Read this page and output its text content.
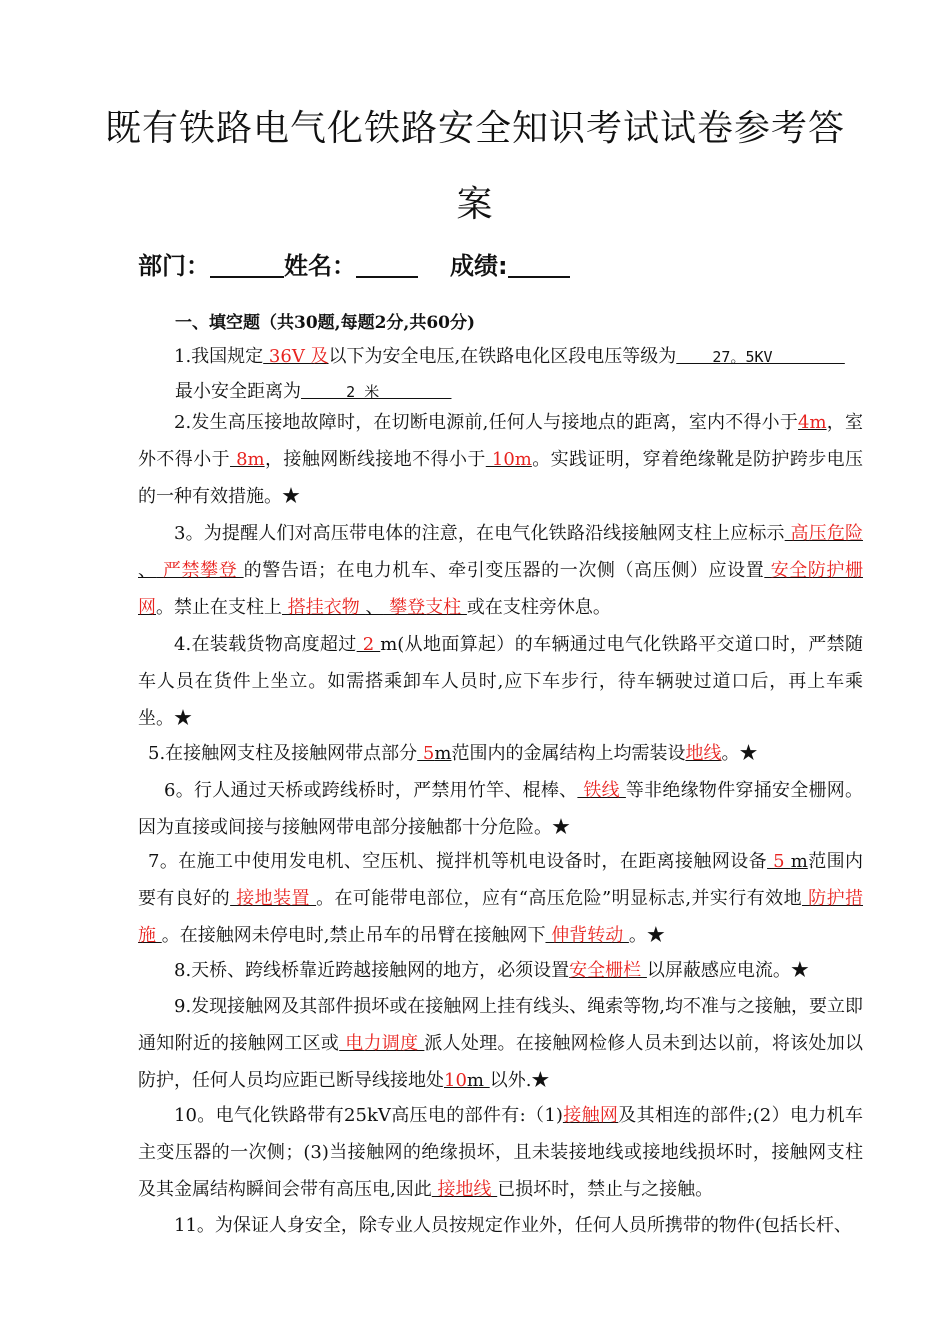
既有铁路电气化铁路安全知识考试试卷参考答
案
部门：	姓名：	成绩:
一、填空题（共30题,每题2分,共60分)
1.我国规定 36V 及以下为安全电压,在铁路电化区段电压等级为    27。5KV
最小安全距离为     2 米
2.发生高压接地故障时，在切断电源前,任何人与接地点的距离，室内不得小于4m，室外不得小于 8m，接触网断线接地不得小于 10m。实践证明，穿着绝缘靴是防护跨步电压的一种有效措施。★
3。为提醒人们对高压带电体的注意，在电气化铁路沿线接触网支柱上应标示 高压危险 、 严禁攀登 的警告语；在电力机车、牵引变压器的一次侧（高压侧）应设置 安全防护栅网。禁止在支柱上 搭挂衣物 、 攀登支柱 或在支柱旁休息。
4.在装载货物高度超过 2 m(从地面算起）的车辆通过电气化铁路平交道口时，严禁随车人员在货件上坐立。如需搭乘卸车人员时,应下车步行，待车辆驶过道口后，再上车乘坐。★
5.在接触网支柱及接触网带点部分 5m范围内的金属结构上均需装设地线。★
6。行人通过天桥或跨线桥时，严禁用竹竿、棍棒、 铁线 等非绝缘物件穿捅安全栅网。因为直接或间接与接触网带电部分接触都十分危险。★
7。在施工中使用发电机、空压机、搅拌机等机电设备时，在距离接触网设备 5 m范围内要有良好的 接地装置 。在可能带电部位，应有“高压危险”明显标志,并实行有效地 防护措施 。在接触网未停电时,禁止吊车的吊臂在接触网下 伸背转动 。★
8.天桥、跨线桥靠近跨越接触网的地方，必须设置安全栅栏 以屏蔽感应电流。★
9.发现接触网及其部件损坏或在接触网上挂有线头、绳索等物,均不准与之接触，要立即通知附近的接触网工区或 电力调度 派人处理。在接触网检修人员未到达以前，将该处加以防护，任何人员均应距已断导线接地处10m 以外.★
10。电气化铁路带有25kV高压电的部件有:（1)接触网及其相连的部件;(2）电力机车主变压器的一次侧；(3)当接触网的绝缘损坏，且未装接地线或接地线损坏时，接触网支柱及其金属结构瞬间会带有高压电,因此 接地线 已损坏时，禁止与之接触。
11。为保证人身安全，除专业人员按规定作业外，任何人员所携带的物件(包括长杆、
